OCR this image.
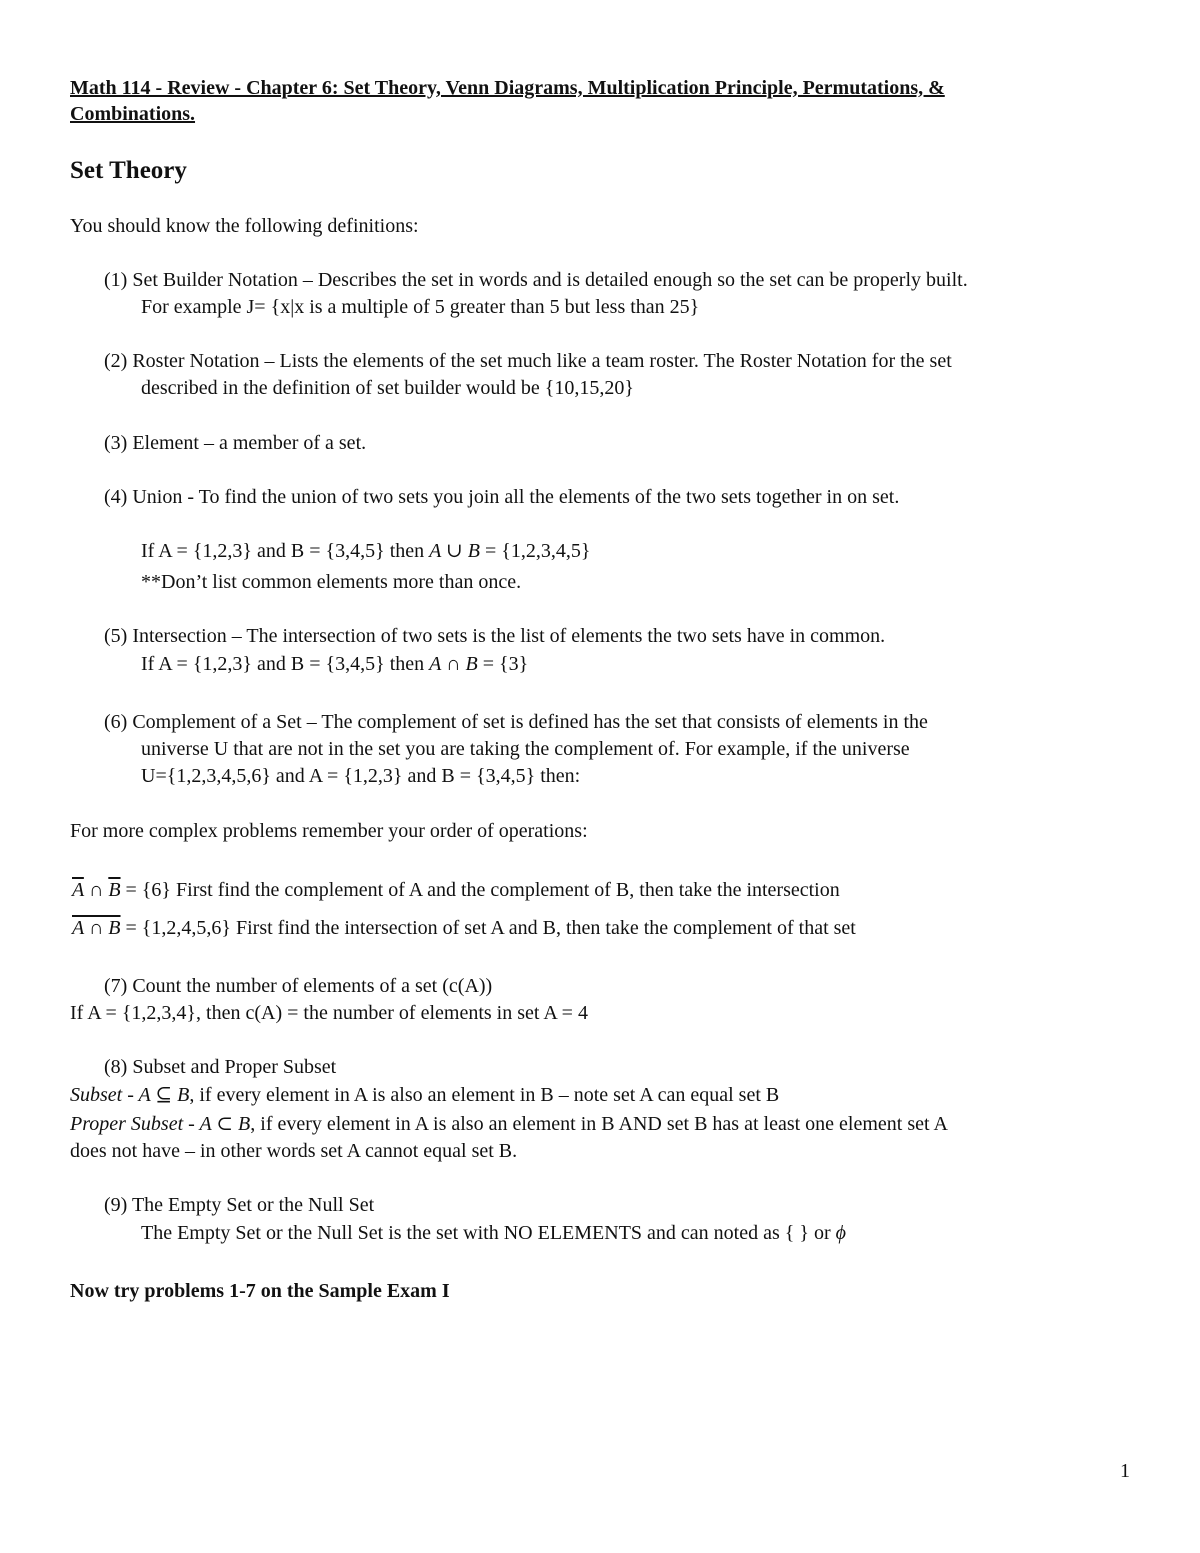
Math 114 - Review - Chapter 6: Set Theory, Venn Diagrams, Multiplication Principle, Permutations, &
Combinations.
Set Theory
You should know the following definitions:
(1) Set Builder Notation – Describes the set in words and is detailed enough so the set can be properly built.
For example J= {x|x is a multiple of 5 greater than 5 but less than 25}
(2) Roster Notation – Lists the elements of the set much like a team roster. The Roster Notation for the set
described in the definition of set builder would be {10,15,20}
(3) Element – a member of a set.
(4) Union - To find the union of two sets you join all the elements of the two sets together in on set.
If A = {1,2,3} and B = {3,4,5} then A ∪ B = {1,2,3,4,5}
**Don’t list common elements more than once.
(5) Intersection – The intersection of two sets is the list of elements the two sets have in common.
If A = {1,2,3} and B = {3,4,5} then A ∩ B = {3}
(6) Complement of a Set – The complement of set is defined has the set that consists of elements in the
universe U that are not in the set you are taking the complement of. For example, if the universe
U={1,2,3,4,5,6} and A = {1,2,3} and B = {3,4,5} then:
For more complex problems remember your order of operations:
$\overline{A}$ ∩ $\overline{B} = \{6\}$ First find the complement of A and the complement of B, then take the intersection
A ∩ B = {1,2,4,5,6} First find the intersection of set A and B, then take the complement of that set
(7) Count the number of elements of a set (c(A))
If A = {1,2,3,4}, then c(A) = the number of elements in set A = 4
(8) Subset and Proper Subset
Subset - A ⊆ B, if every element in A is also an element in B – note set A can equal set B
Proper Subset - A ⊂ B, if every element in A is also an element in B AND set B has at least one element set A
does not have – in other words set A cannot equal set B.
(9) The Empty Set or the Null Set
The Empty Set or the Null Set is the set with NO ELEMENTS and can noted as { } or ϕ
Now try problems 1-7 on the Sample Exam I
1
